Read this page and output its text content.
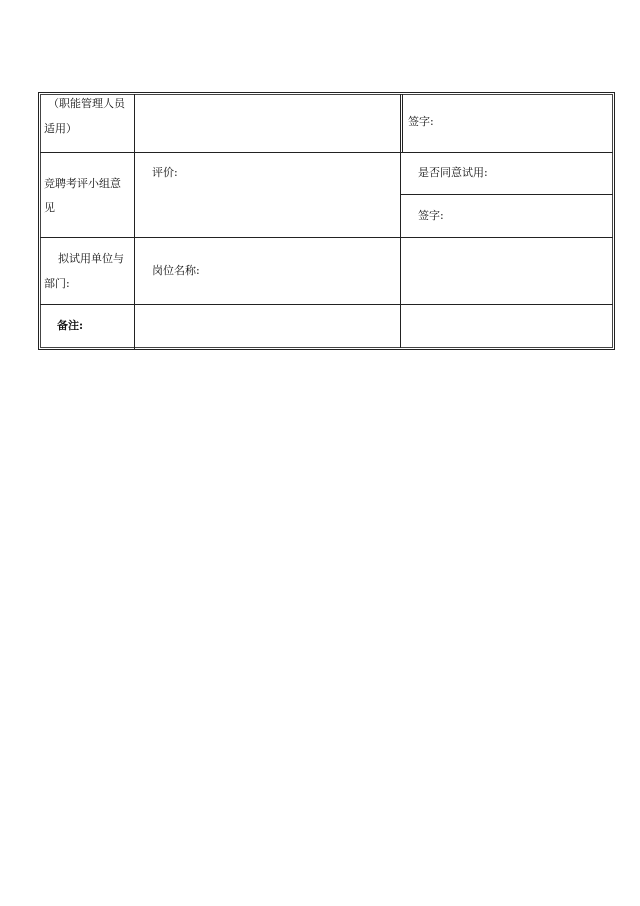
（职能管理人员
适用）
签字:
竞聘考评小组意
见
评价:	是否同意试用:
签字:
拟试用单位与
部门:
岗位名称:
备注:
